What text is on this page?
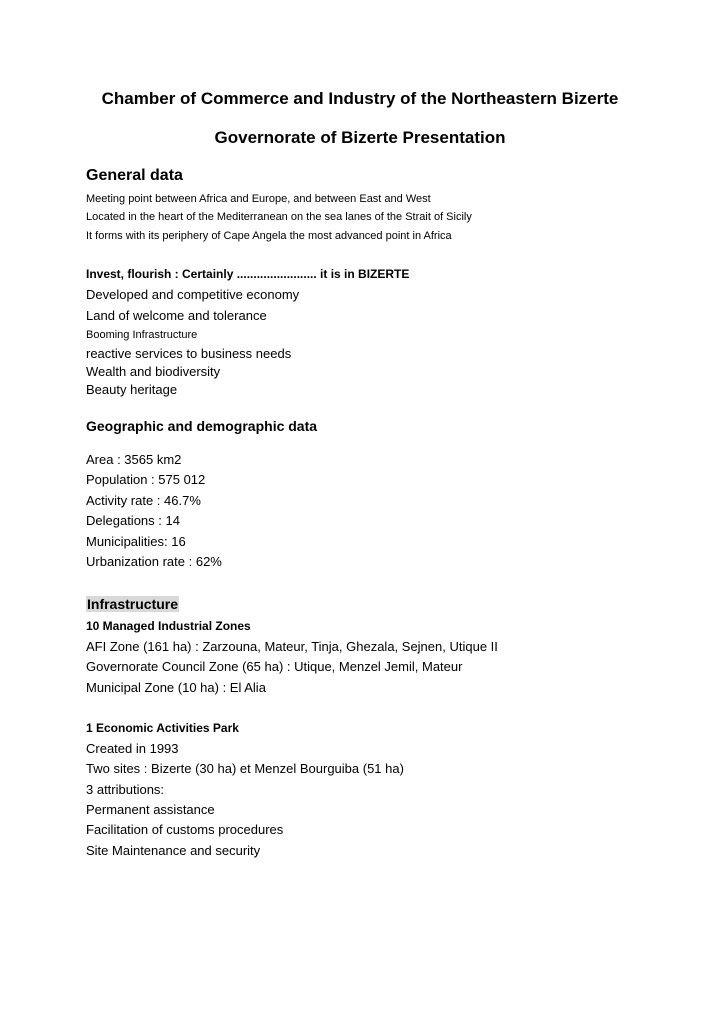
Chamber of Commerce and Industry of the Northeastern Bizerte
Governorate of Bizerte Presentation
General data
Meeting point between Africa and Europe, and between East and West
Located in the heart of the Mediterranean on the sea lanes of the Strait of Sicily
It forms with its periphery of Cape Angela the most advanced point in Africa
Invest, flourish : Certainly ........................ it is in BIZERTE
Developed and competitive economy
Land of welcome and tolerance
Booming Infrastructure
reactive services to business needs
Wealth and biodiversity
Beauty heritage
Geographic and demographic data
Area : 3565 km2
Population : 575 012
Activity rate : 46.7%
Delegations : 14
Municipalities: 16
Urbanization rate : 62%
Infrastructure
10 Managed Industrial Zones
AFI Zone (161 ha) : Zarzouna, Mateur, Tinja, Ghezala, Sejnen, Utique II
Governorate Council Zone (65 ha) : Utique, Menzel Jemil, Mateur
Municipal Zone (10 ha) : El Alia
1 Economic Activities Park
Created in 1993
Two sites : Bizerte (30 ha) et Menzel Bourguiba (51 ha)
3 attributions:
Permanent assistance
Facilitation of customs procedures
Site Maintenance and security
